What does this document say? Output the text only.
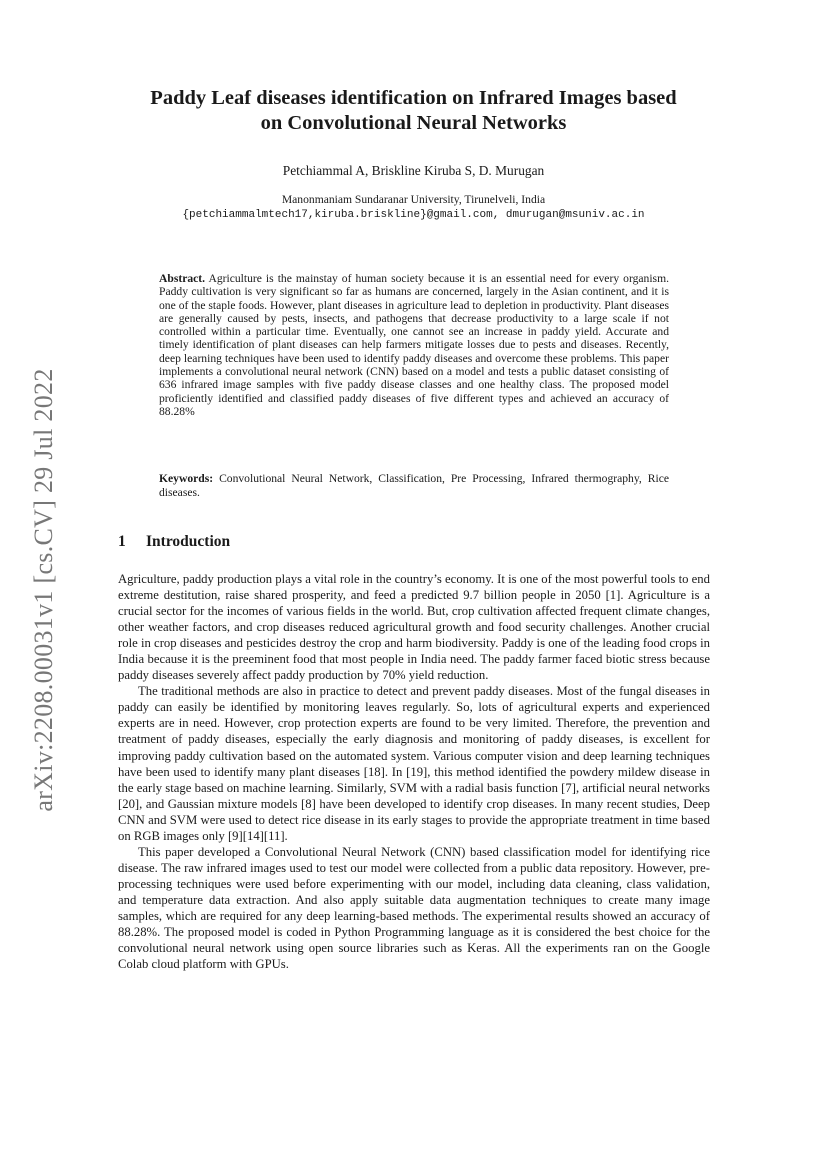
arXiv:2208.00031v1 [cs.CV] 29 Jul 2022
Paddy Leaf diseases identification on Infrared Images based
on Convolutional Neural Networks
Petchiammal A, Briskline Kiruba S, D. Murugan
Manonmaniam Sundaranar University, Tirunelveli, India
{petchiammalmtech17,kiruba.briskline}@gmail.com, dmurugan@msuniv.ac.in
Abstract. Agriculture is the mainstay of human society because it is an essential need for every organism. Paddy cultivation is very significant so far as humans are concerned, largely in the Asian continent, and it is one of the staple foods. However, plant diseases in agriculture lead to depletion in productivity. Plant diseases are generally caused by pests, insects, and pathogens that decrease productivity to a large scale if not controlled within a particular time. Eventually, one cannot see an increase in paddy yield. Accurate and timely identification of plant diseases can help farmers mitigate losses due to pests and diseases. Recently, deep learning techniques have been used to identify paddy diseases and overcome these problems. This paper implements a convolutional neural network (CNN) based on a model and tests a public dataset consisting of 636 infrared image samples with five paddy disease classes and one healthy class. The proposed model proficiently identified and classified paddy diseases of five different types and achieved an accuracy of 88.28%
Keywords: Convolutional Neural Network, Classification, Pre Processing, Infrared thermography, Rice diseases.
1 Introduction

Agriculture, paddy production plays a vital role in the country’s economy. It is one of the most powerful tools to end extreme destitution, raise shared prosperity, and feed a predicted 9.7 billion people in 2050 [1]. Agriculture is a crucial sector for the incomes of various fields in the world. But, crop cultivation affected frequent climate changes, other weather factors, and crop diseases reduced agricultural growth and food security challenges. Another crucial role in crop diseases and pesticides destroy the crop and harm biodiversity. Paddy is one of the leading food crops in India because it is the preeminent food that most people in India need. The paddy farmer faced biotic stress because paddy diseases severely affect paddy production by 70% yield reduction.

The traditional methods are also in practice to detect and prevent paddy diseases. Most of the fungal diseases in paddy can easily be identified by monitoring leaves regularly. So, lots of agricultural experts and experienced experts are in need. However, crop protection experts are found to be very limited. Therefore, the prevention and treatment of paddy diseases, especially the early diagnosis and monitoring of paddy diseases, is excellent for improving paddy cultivation based on the automated system. Various computer vision and deep learning techniques have been used to identify many plant diseases [18]. In [19], this method identified the powdery mildew disease in the early stage based on machine learning. Similarly, SVM with a radial basis function [7], artificial neural networks [20], and Gaussian mixture models [8] have been developed to identify crop diseases. In many recent studies, Deep CNN and SVM were used to detect rice disease in its early stages to provide the appropriate treatment in time based on RGB images only [9][14][11].

This paper developed a Convolutional Neural Network (CNN) based classification model for identifying rice disease. The raw infrared images used to test our model were collected from a public data repository. However, pre-processing techniques were used before experimenting with our model, including data cleaning, class validation, and temperature data extraction. And also apply suitable data augmentation techniques to create many image samples, which are required for any deep learning-based methods. The experimental results showed an accuracy of 88.28%. The proposed model is coded in Python Programming language as it is considered the best choice for the convolutional neural network using open source libraries such as Keras. All the experiments ran on the Google Colab cloud platform with GPUs.
